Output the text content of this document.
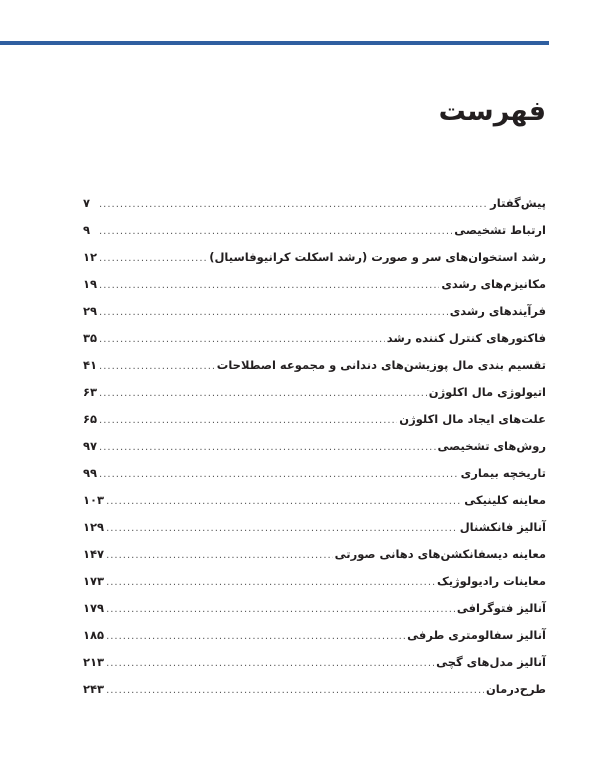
فهرست
پیش‌گفتار
.....
۷
ارتباط تشخیصی
.....
۹
رشد استخوان‌های سر و صورت (رشد اسکلت کرانیوفاسیال)
.....
۱۲
مکانیزم‌های رشدی
.....
۱۹
فرآیندهای رشدی
.....
۲۹
فاکتورهای کنترل کننده رشد
.....
۳۵
تقسیم بندی مال پوزیشن‌های دندانی و مجموعه اصطلاحات
.....
۴۱
اتیولوژی مال اکلوژن
.....
۶۳
علت‌های ایجاد مال اکلوژن
.....
۶۵
روش‌های تشخیصی
.....
۹۷
تاریخچه بیماری
.....
۹۹
معاینه کلینیکی
.....
۱۰۳
آنالیز فانکشنال
.....
۱۲۹
معاینه دیسفانکشن‌های دهانی صورتی
.....
۱۴۷
معاینات رادیولوژیک
.....
۱۷۳
آنالیز فتوگرافی
.....
۱۷۹
آنالیز سفالومتری طرفی
.....
۱۸۵
آنالیز مدل‌های گچی
.....
۲۱۳
طرح‌درمان
.....
۲۴۳
